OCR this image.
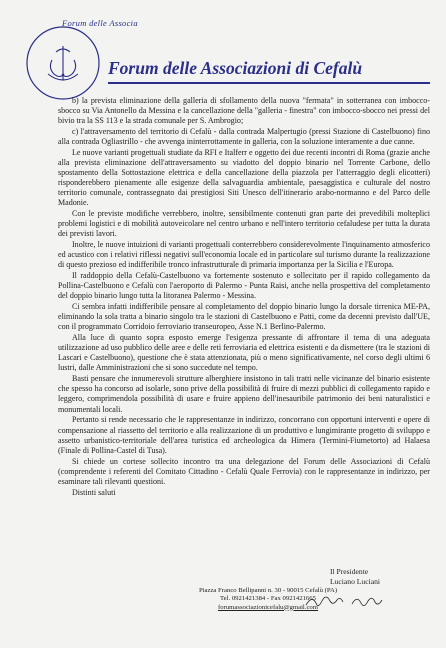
Forum delle Associa
Forum delle Associazioni di Cefalù

b) la prevista eliminazione della galleria di sfollamento della nuova "fermata" in sotterranea con imbocco-sbocco su Via Antonello da Messina e la cancellazione della "galleria - finestra" con imbocco-sbocco nei pressi del bivio tra la SS 113 e la strada comunale per S. Ambrogio;

c) l'attraversamento del territorio di Cefalù - dalla contrada Malpertugio (pressi Stazione di Castelbuono) fino alla contrada Ogliastrillo - che avvenga ininterrottamente in galleria, con la soluzione interamente a due canne.

Le nuove varianti progettuali studiate da RFI e Italferr e oggetto dei due recenti incontri di Roma (grazie anche alla prevista eliminazione dell'attraversamento su viadotto del doppio binario nel Torrente Carbone, dello spostamento della Sottostazione elettrica e della cancellazione della piazzola per l'atterraggio degli elicotteri) risponderebbero pienamente alle esigenze della salvaguardia ambientale, paesaggistica e culturale del nostro territorio comunale, contrassegnato dai prestigiosi Siti Unesco dell'itinerario arabo-normanno e del Parco delle Madonie.

Con le previste modifiche verrebbero, inoltre, sensibilmente contenuti gran parte dei prevedibili molteplici problemi logistici e di mobilità autoveicolare nel centro urbano e nell'intero territorio cefaludese per tutta la durata dei previsti lavori.

Inoltre, le nuove intuizioni di varianti progettuali conterrebbero considerevolmente l'inquinamento atmosferico ed acustico con i relativi riflessi negativi sull'economia locale ed in particolare sul turismo durante la realizzazione di questo prezioso ed indifferibile tronco infrastrutturale di primaria importanza per la Sicilia e l'Europa.

Il raddoppio della Cefalù-Castelbuono va fortemente sostenuto e sollecitato per il rapido collegamento da Pollina-Castelbuono e Cefalù con l'aeroporto di Palermo - Punta Raisi, anche nella prospettiva del completamento del doppio binario lungo tutta la litoranea Palermo - Messina.

Ci sembra infatti indifferibile pensare al completamento del doppio binario lungo la dorsale tirrenica ME-PA, eliminando la sola tratta a binario singolo tra le stazioni di Castelbuono e Patti, come da decenni previsto dall'UE, con il programmato Corridoio ferroviario transeuropeo, Asse N.1 Berlino-Palermo.

Alla luce di quanto sopra esposto emerge l'esigenza pressante di affrontare il tema di una adeguata utilizzazione ad uso pubblico delle aree e delle reti ferroviaria ed elettrica esistenti e da dismettere (tra le stazioni di Lascari e Castelbuono), questione che è stata attenzionata, più o meno significativamente, nel corso degli ultimi 6 lustri, dalle Amministrazioni che si sono succedute nel tempo.

Basti pensare che innumerevoli strutture alberghiere insistono in tali tratti nelle vicinanze del binario esistente che spesso ha concorso ad isolarle, sono prive della possibilità di fruire di mezzi pubblici di collegamento rapido e leggero, comprimendola possibilità di usare e fruire appieno dell'inesauribile patrimonio dei beni naturalistici e monumentali locali.

Pertanto si rende necessario che le rappresentanze in indirizzo, concorrano con opportuni interventi e opere di compensazione al riassetto del territorio e alla realizzazione di un produttivo e lungimirante progetto di sviluppo e assetto urbanistico-territoriale dell'area turistica ed archeologica da Himera (Termini-Fiumetorto) ad Halaesa (Finale di Pollina-Castel di Tusa).

Si chiede un cortese sollecito incontro tra una delegazione del Forum delle Associazioni di Cefalù (comprendente i referenti del Comitato Cittadino - Cefalù Quale Ferrovia) con le rappresentanze in indirizzo, per esaminare tali rilevanti questioni.

Distinti saluti

Il Presidente
Luciano Luciani
Piazza Franco Bellipanni n. 30 - 90015 Cefalù (PA)
Tel. 0921421384 - Fax 0921421665
forumassociazionicefalu@gmail.com
